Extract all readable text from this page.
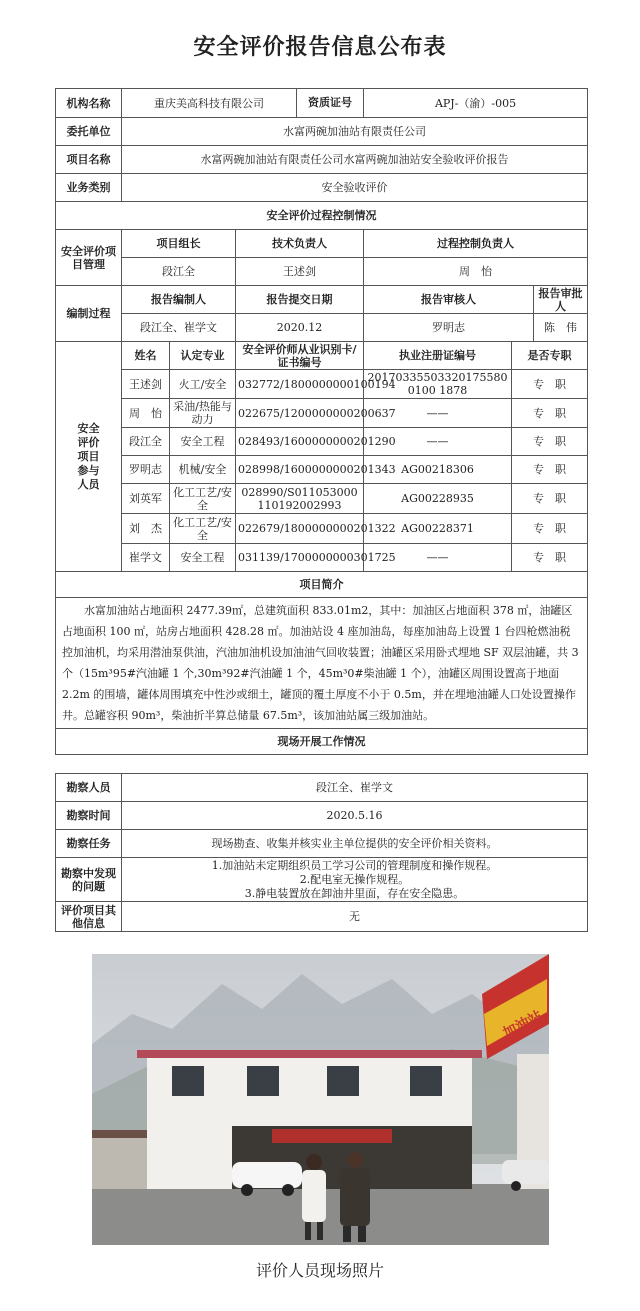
安全评价报告信息公布表
机构名称	重庆美高科技有限公司 资质证号			APJ-（渝）-005		
委托单位	水富两碗加油站有限责任公司					
项目名称	水富两碗加油站有限责任公司水富两碗加油站安全验收评价报告					
业务类别	安全验收评价					
安全评价过程控制情况						
安全评价项目管理	项目组长		技术负责人	过程控制负责人		
	段江全		王述剑	周　怡		
编制过程	报告编制人		报告提交日期	报告审核人		报告审批人
	段江全、崔学文		2020.12	罗明志		陈　伟

安全评价项目参与人员	姓名	认定专业	安全评价师从业识别卡/证书编号	执业注册证编号	是否专职	
	王述剑	火工/安全	032772/1800000000100194	201703355033201755800100 1878	专　职	
	周　怡	采油/热能与动力	022675/1200000000200637	——	专　职	
	段江全	安全工程	028493/1600000000201290	——	专　职	
	罗明志	机械/安全	028998/1600000000201343	AG00218306	专　职	
	刘英军	化工工艺/安全	028990/S011053000110192002993	AG00228935	专　职	
	刘　杰	化工工艺/安全	022679/1800000000201322	AG00228371	专　职	
	崔学文	安全工程	031139/1700000000301725	——	专　职	
项目简介						
水富加油站占地面积 2477.39㎡，总建筑面积 833.01m2，其中：加油区占地面积 378 ㎡，油罐区占地面积 100 ㎡，站房占地面积 428.28 ㎡。加油站设 4 座加油岛，每座加油岛上设置 1 台四枪燃油税控加油机，均采用潜油泵供油，汽油加油机设加油油气回收装置；油罐区采用卧式埋地 SF 双层油罐，共 3 个（15m³95#汽油罐 1 个,30m³92#汽油罐 1 个，45m³0#柴油罐 1 个），油罐区周围设置高于地面 2.2m 的围墙，罐体周围填充中性沙或细土，罐顶的覆土厚度不小于 0.5m，并在埋地油罐人口处设置操作井。总罐容积 90m³，柴油折半算总储量 67.5m³，该加油站属三级加油站。						
现场开展工作情况						
勘察人员	段江全、崔学文
勘察时间	2020.5.16
勘察任务	现场勘查、收集并核实业主单位提供的安全评价相关资料。
勘察中发现的问题	1.加油站未定期组织员工学习公司的管理制度和操作规程。
2.配电室无操作规程。
3.静电装置放在卸油井里面，存在安全隐患。

评价项目其他信息	无
加油站
评价人员现场照片
